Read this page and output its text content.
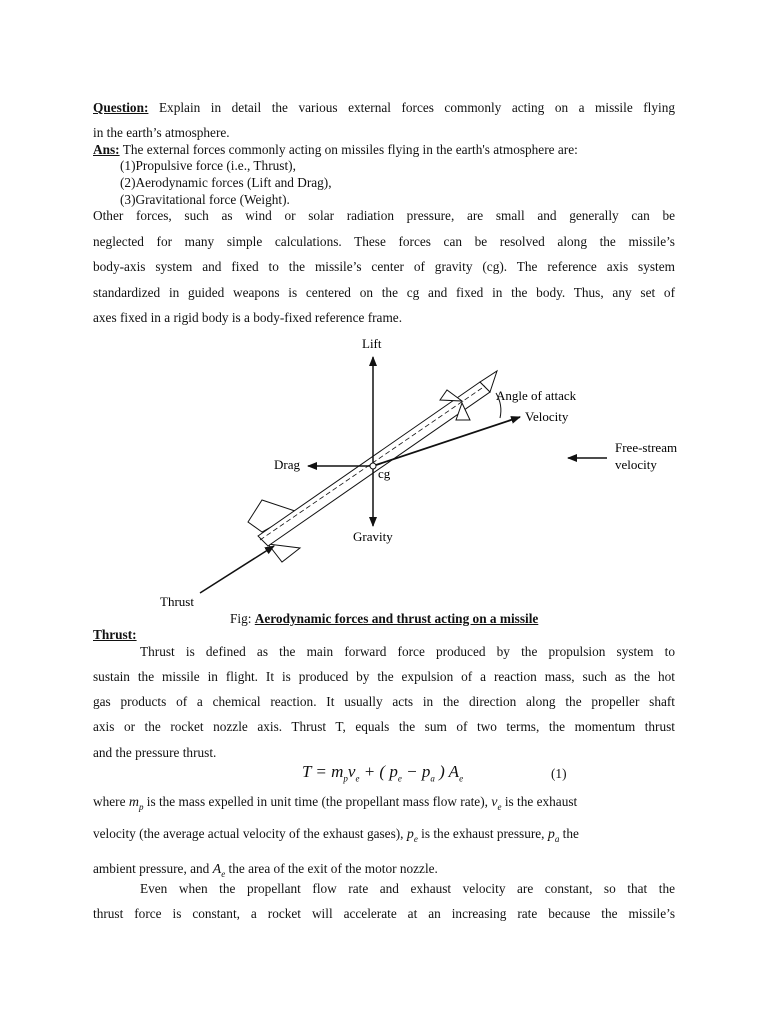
Question: Explain in detail the various external forces commonly acting on a missile flying
in the earth’s atmosphere.
Ans: The external forces commonly acting on missiles flying in the earth's atmosphere are:
(1)Propulsive force (i.e., Thrust),
(2)Aerodynamic forces (Lift and Drag),
(3)Gravitational force (Weight).
Other forces, such as wind or solar radiation pressure, are small and generally can be
neglected for many simple calculations. These forces can be resolved along the missile’s
body-axis system and fixed to the missile’s center of gravity (cg). The reference axis system
standardized in guided weapons is centered on the cg and fixed in the body. Thus, any set of
axes fixed in a rigid body is a body-fixed reference frame.
Lift
Drag
cg
Gravity
Thrust
Angle of attack
Velocity
Free-stream
velocity
Fig: Aerodynamic forces and thrust acting on a missile
Thrust:
Thrust is defined as the main forward force produced by the propulsion system to
sustain the missile in flight. It is produced by the expulsion of a reaction mass, such as the hot
gas products of a chemical reaction. It usually acts in the direction along the propeller shaft
axis or the rocket nozzle axis. Thrust T, equals the sum of two terms, the momentum thrust
and the pressure thrust.
$T = m_pv_e$ + ( $p_e - p_a$ ) $A_e$	(1)
where $m_p$ is the mass expelled in unit time (the propellant mass flow rate), $v_e$ is the exhaust
velocity (the average actual velocity of the exhaust gases), $p_e$ is the exhaust pressure, $p_a$ the
ambient pressure, and $A_e$ the area of the exit of the motor nozzle.
Even when the propellant flow rate and exhaust velocity are constant, so that the
thrust force is constant, a rocket will accelerate at an increasing rate because the missile’s
